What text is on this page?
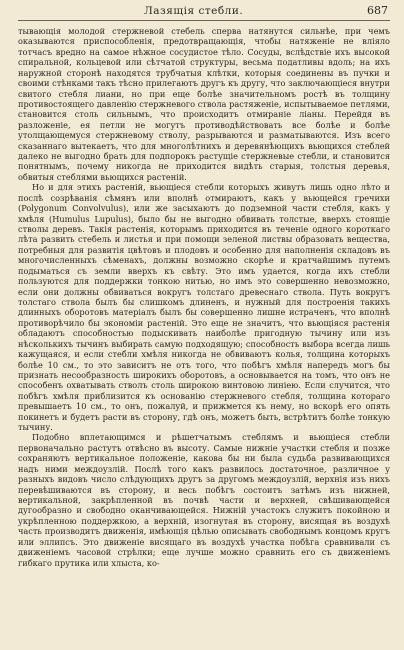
Лазящія стебли.	687

тывающія молодой стержневой стебель сперва натянутся сильнѣе, при чемъ оказываются приспособленія, предотвращающія, чтобы натяженіе не вліяло тотчасъ вредно на самое нѣжное сосудистое тѣло. Сосуды, вслѣдствіе ихъ высокой спиральной, кольцевой или сѣтчатой структуры, весьма податливы вдоль; на ихъ наружной сторонѣ находятся трубчатыя клѣтки, которыя соединены въ пучки и своими стѣнками такъ тѣсно прилегаютъ другъ къ другу, что заключающіеся внутри свитого стебля лиани, но при еще болѣе значительномъ ростѣ въ толщину противостоящего давленію стержневого ствола растяженіе, испытываемое петлями, становится столь сильнымъ, что происходитъ отмираніе ліаны. Перейдя въ разложеніе, ея петли не могутъ противодѣйствовать все болѣе и болѣе утолщающемуся стержневому стволу, разрываются и разматываются. Изъ всего сказаннаго вытекаетъ, что для многолѣтнихъ и деревянѣющихъ вьющихся стеблей далеко не выгодно брать для подпорокъ растущіе стержневые стебли, и становится понятнымъ, почему никогда не приходится видѣть старыя, толстыя деревья, обвитыя стеблями вьющихся растеній.

Но и для этихъ растеній, вьющіеся стебли которыхъ живутъ лишь одно лѣто и послѣ созрѣванія сѣмянъ или вполнѣ отмираютъ, какъ у вьющейся гречихи (Polygonum Convolvulus), или же засыхаютъ до подземной части стебля, какъ у хмѣля (Humulus Lupulus), было бы не выгодно обвивать толстые, вверхъ стоящіе стволы деревъ. Такія растенія, которымъ приходится въ теченіе одного короткаго лѣта развить стебель и листья и при помощи зеленой листвы образовать вещества, потребныя для развитія цвѣтовъ и плодовъ и особенно для наполненія складовъ въ многочисленныхъ сѣменахъ, должны возможно скорѣе и кратчайшимъ путемъ подыматься съ земли вверхъ къ свѣту. Это имъ удается, когда ихъ стебли пользуются для поддержки тонкою нитью, но имъ это совершенно невозможно, если они должны обвиваться вокругъ толстаго древеснаго ствола. Путь вокругъ толстаго ствола былъ бы слишкомъ длиненъ, и нужный для построенія такихъ длинныхъ оборотовъ матеріалъ былъ бы совершенно лишне истраченъ, что вполнѣ противорѣчило бы экономіи растеній. Это еще не значитъ, что вьющіяся растенія обладаютъ способностью подыскивать наиболѣе пригодную тычину или изъ нѣсколькихъ тычинъ выбирать самую подходящую; способность выбора всегда лишь кажущаяся, и если стебли хмѣля никогда не обвиваютъ колья, толщина которыхъ болѣе 10 см., то это зависитъ не отъ того, что побѣгъ хмѣля напередъ могъ бы признать несообразность широкихъ оборотовъ, а основывается на томъ, что онъ не способенъ охватывать стволъ столь широкою винтовою линіею. Если случится, что побѣгъ хмѣля приблизится къ основанію стержневого стебля, толщина котораго превышаетъ 10 см., то онъ, пожалуй, и прижмется къ нему, но вскорѣ его опять покинетъ и будетъ расти въ сторону, гдѣ онъ, можетъ быть, встрѣтитъ болѣе тонкую тычину.

Подобно вплетающимся и рѣшетчатымъ стеблямъ и вьющіеся стебли первоначально растутъ отвѣсно въ высоту. Самые нижніе участки стебля и позже сохраняютъ вертикальное положеніе, какова бы ни была судьба развивающихся надъ ними междоузлій. Послѣ того какъ развилось достаточное, различное у разныхъ видовъ число слѣдующихъ другъ за другомъ междоузлій, верхнія изъ нихъ перевѣшиваются въ сторону, и весь побѣгъ состоитъ затѣмъ изъ нижней, вертикальной, закрѣпленной въ почвѣ части и верхней, свѣшивающейся дугообразно и свободно оканчивающейся. Нижній участокъ служитъ покойною и укрѣпленною поддержкою, а верхній, изогнутая въ сторону, висящая въ воздухѣ часть производитъ движенія, имѣющія цѣлью описывать свободнымъ концомъ кругъ или эллипсъ. Это движеніе висящаго въ воздухѣ участка побѣга сравнивали съ движеніемъ часовой стрѣлки; еще лучше можно сравнить его съ движеніемъ гибкаго прутика или хлыста, ко-
